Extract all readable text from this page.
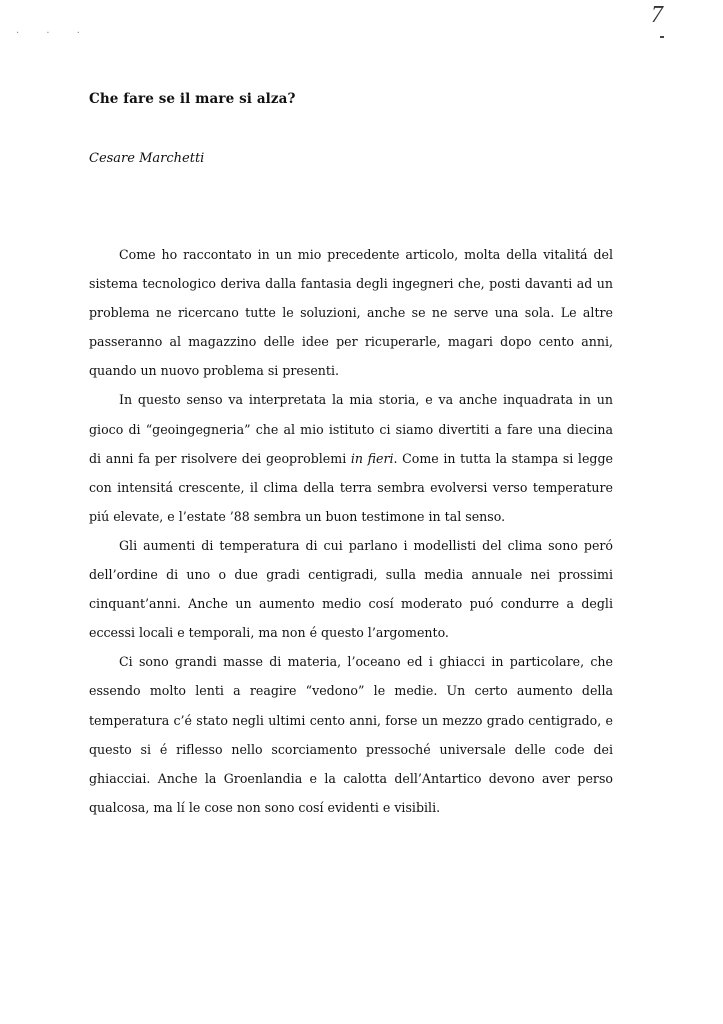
7
· · ·
Che fare se il mare si alza?
Cesare Marchetti

Come ho raccontato in un mio precedente articolo, molta della vitalitá del sistema tecnologico deriva dalla fantasia degli ingegneri che, posti davanti ad un problema ne ricercano tutte le soluzioni, anche se ne serve una sola. Le altre passeranno al magazzino delle idee per ricuperarle, magari dopo cento anni, quando un nuovo problema si presenti.

In questo senso va interpretata la mia storia, e va anche inquadrata in un gioco di “geoingegneria” che al mio istituto ci siamo divertiti a fare una diecina di anni fa per risolvere dei geoproblemi in fieri. Come in tutta la stampa si legge con intensitá crescente, il clima della terra sembra evolversi verso temperature piú elevate, e l’estate ’88 sembra un buon testimone in tal senso.

Gli aumenti di temperatura di cui parlano i modellisti del clima sono peró dell’ordine di uno o due gradi centigradi, sulla media annuale nei prossimi cinquant’anni. Anche un aumento medio cosí moderato puó condurre a degli eccessi locali e temporali, ma non é questo l’argomento.

Ci sono grandi masse di materia, l’oceano ed i ghiacci in particolare, che essendo molto lenti a reagire “vedono” le medie. Un certo aumento della temperatura c’é stato negli ultimi cento anni, forse un mezzo grado centigrado, e questo si é riflesso nello scorciamento pressoché universale delle code dei ghiacciai. Anche la Groenlandia e la calotta dell’Antartico devono aver perso qualcosa, ma lí le cose non sono cosí evidenti e visibili.
